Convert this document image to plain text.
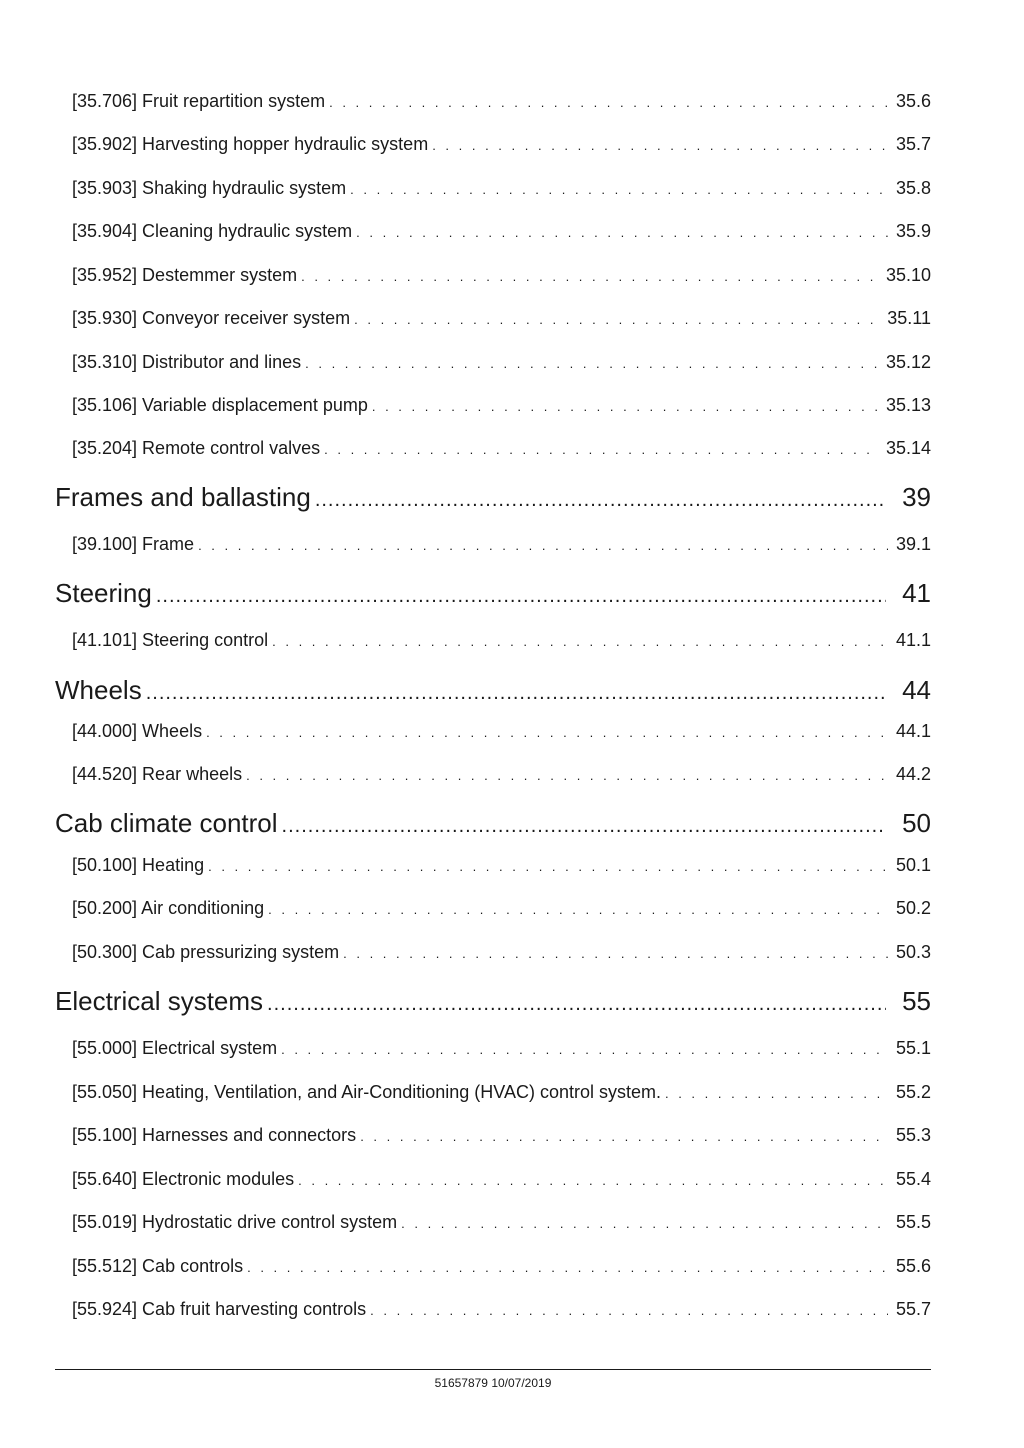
[35.706] Fruit repartition system . . .	35.6
[35.902] Harvesting hopper hydraulic system . . .	35.7
[35.903] Shaking hydraulic system . . .	35.8
[35.904] Cleaning hydraulic system . . .	35.9
[35.952] Destemmer system . . .	35.10
[35.930] Conveyor receiver system . . .	35.11
[35.310] Distributor and lines . . .	35.12
[35.106] Variable displacement pump . . .	35.13
[35.204] Remote control valves . . .	35.14
Frames and ballasting .....	39
[39.100] Frame . . .	39.1
Steering .....	41
[41.101] Steering control . . .	41.1
Wheels .....	44
[44.000] Wheels . . .	44.1
[44.520] Rear wheels . . .	44.2
Cab climate control .....	50
[50.100] Heating . . .	50.1
[50.200] Air conditioning . . .	50.2
[50.300] Cab pressurizing system . . .	50.3
Electrical systems .....	55
[55.000] Electrical system . . .	55.1
[55.050] Heating, Ventilation, and Air-Conditioning (HVAC) control system. . . .	55.2
[55.100] Harnesses and connectors . . .	55.3
[55.640] Electronic modules . . .	55.4
[55.019] Hydrostatic drive control system . . .	55.5
[55.512] Cab controls . . .	55.6
[55.924] Cab fruit harvesting controls . . .	55.7
51657879 10/07/2019
